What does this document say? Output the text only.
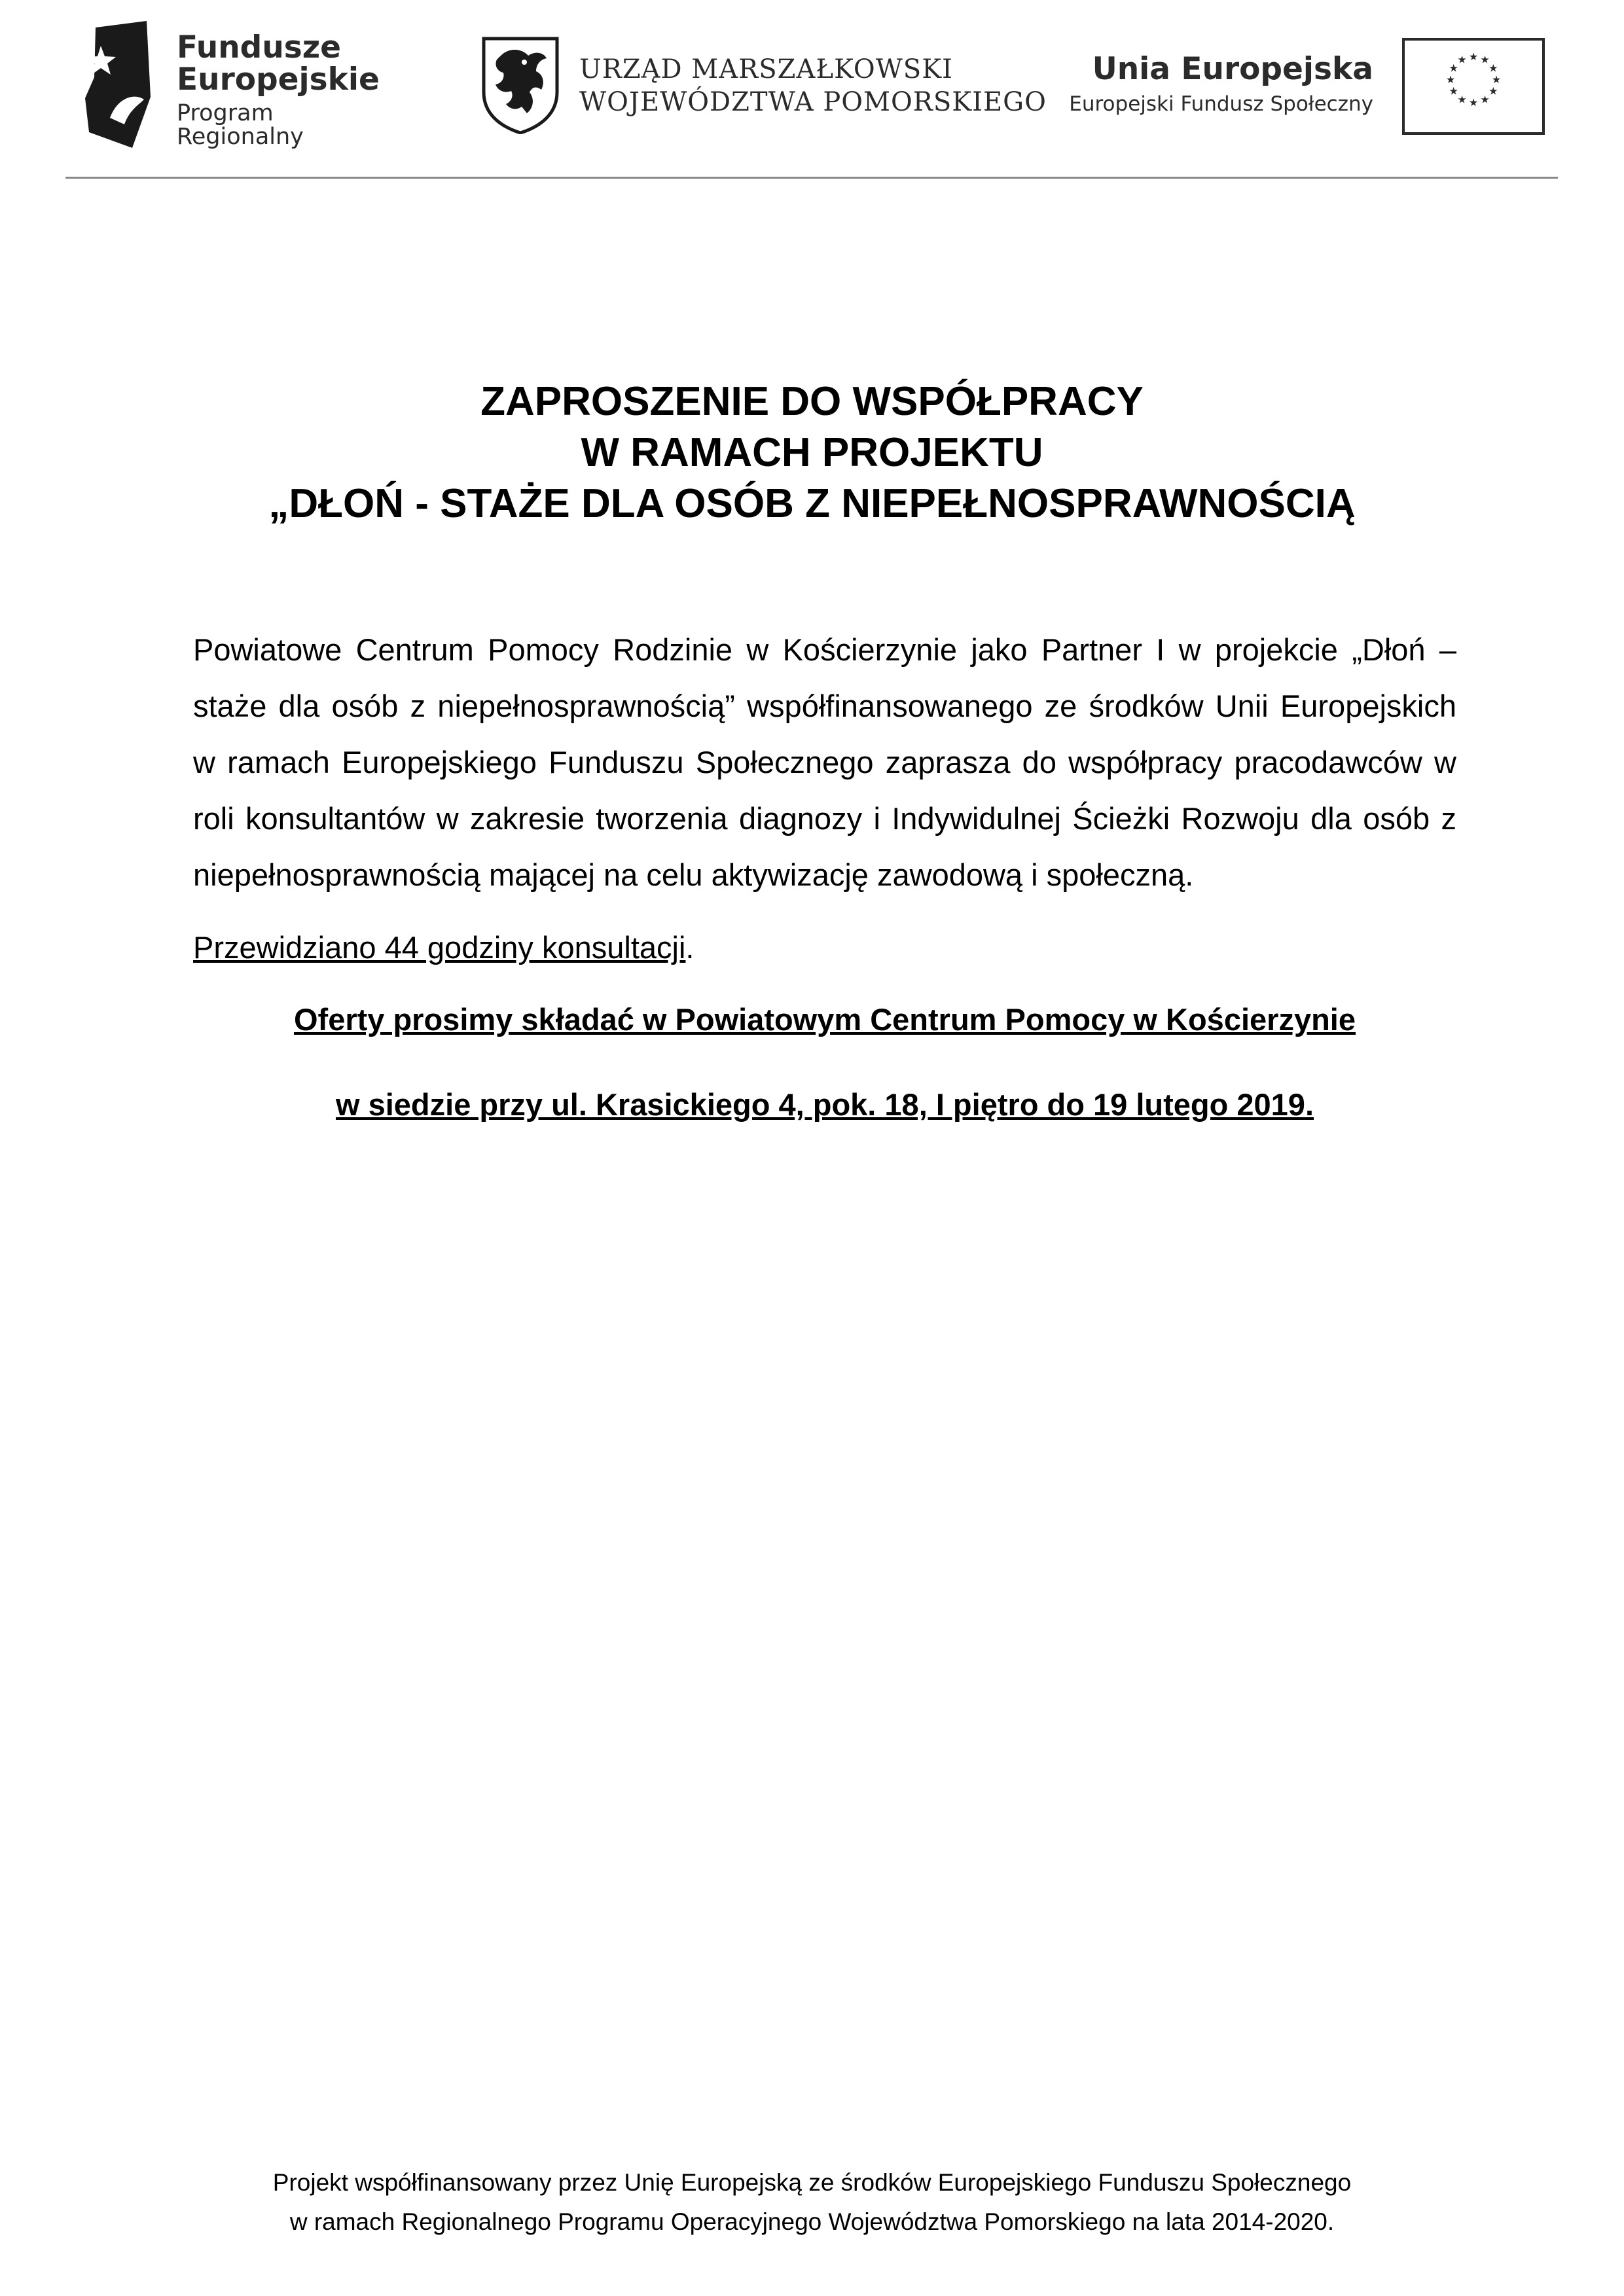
Fundusze
Europejskie
Program Regionalny
URZĄD MARSZAŁKOWSKI
WOJEWÓDZTWA POMORSKIEGO
Unia Europejska
Europejski Fundusz Społeczny
★ ★
★
★
★
★
★
★
★
★
★
★
ZAPROSZENIE DO WSPÓŁPRACY
W RAMACH PROJEKTU
„DŁOŃ - STAŻE DLA OSÓB Z NIEPEŁNOSPRAWNOŚCIĄ

Powiatowe Centrum Pomocy Rodzinie w Kościerzynie jako Partner I w projekcie „Dłoń – staże dla osób z niepełnosprawnością” współfinansowanego ze środków Unii Europejskich w ramach Europejskiego Funduszu Społecznego zaprasza do współpracy pracodawców w roli konsultantów w zakresie tworzenia diagnozy i Indywidulnej Ścieżki Rozwoju dla osób z niepełnosprawnością mającej na celu aktywizację zawodową i społeczną.

Przewidziano 44 godziny konsultacji.

Oferty prosimy składać w Powiatowym Centrum Pomocy w Kościerzynie

w siedzie przy ul. Krasickiego 4, pok. 18, I piętro do 19 lutego 2019.

Projekt współfinansowany przez Unię Europejską ze środków Europejskiego Funduszu Społecznego
w ramach Regionalnego Programu Operacyjnego Województwa Pomorskiego na lata 2014-2020.
